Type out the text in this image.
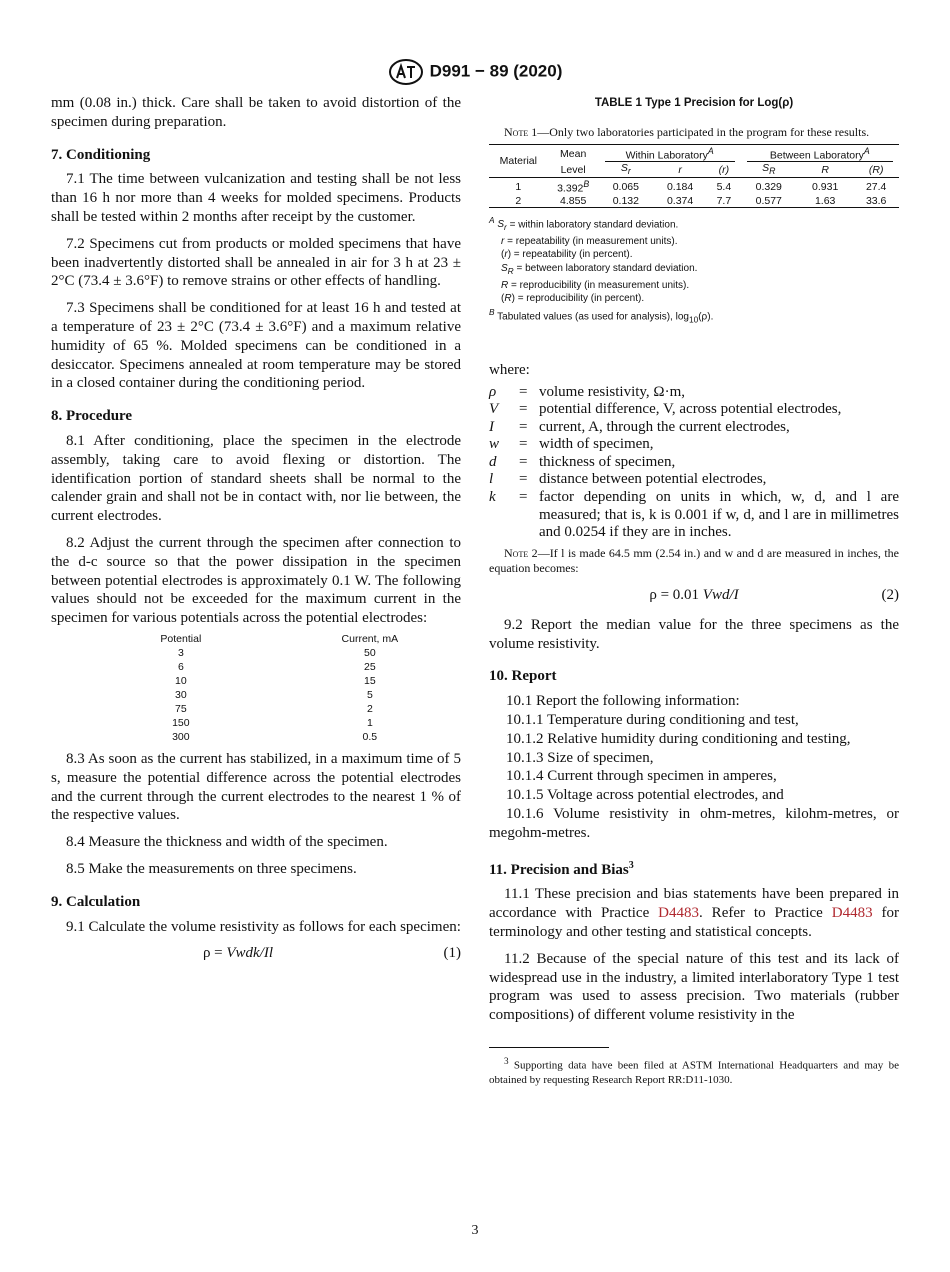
D991 − 89 (2020)

mm (0.08 in.) thick. Care shall be taken to avoid distortion of the specimen during preparation.

7. Conditioning

7.1 The time between vulcanization and testing shall be not less than 16 h nor more than 4 weeks for molded specimens. Products shall be tested within 2 months after receipt by the customer.

7.2 Specimens cut from products or molded specimens that have been inadvertently distorted shall be annealed in air for 3 h at 23 ± 2°C (73.4 ± 3.6°F) to remove strains or other effects of handling.

7.3 Specimens shall be conditioned for at least 16 h and tested at a temperature of 23 ± 2°C (73.4 ± 3.6°F) and a maximum relative humidity of 65 %. Molded specimens can be conditioned in a desiccator. Specimens annealed at room temperature may be stored in a closed container during the conditioning period.

8. Procedure

8.1 After conditioning, place the specimen in the electrode assembly, taking care to avoid flexing or distortion. The identification portion of standard sheets shall be normal to the calender grain and shall not be in contact with, nor lie between, the current electrodes.

8.2 Adjust the current through the specimen after connection to the d-c source so that the power dissipation in the specimen between potential electrodes is approximately 0.1 W. The following values should not be exceeded for the maximum current in the specimen for various potentials across the potential electrodes:

Potential	Current, mA
3	50
6	25
10	15
30	5
75	2
150	1
300	0.5

8.3 As soon as the current has stabilized, in a maximum time of 5 s, measure the potential difference across the potential electrodes and the current through the current electrodes to the nearest 1 % of the respective values.

8.4 Measure the thickness and width of the specimen.

8.5 Make the measurements on three specimens.

9. Calculation

9.1 Calculate the volume resistivity as follows for each specimen:

ρ = Vwdk/Il	(1)
TABLE 1 Type 1 Precision for Log(ρ)
Note 1—Only two laboratories participated in the program for these results.
Material	Mean	Within Laboratory$^A$			Between Laboratory$^A$

	Level	$S_r$	r	(r)	$S_R$	R	(R)
1	$3.392^B$	0.065	0.184	5.4	0.329	0.931	27.4
2	4.855	0.132	0.374	7.7	0.577	1.63	33.6
$^A$ $S_r$ = within laboratory standard deviation.
r = repeatability (in measurement units).
(r) = repeatability (in percent).
$S_R$ = between laboratory standard deviation.
R = reproducibility (in measurement units).
(R) = reproducibility (in percent).
$^B$ Tabulated values (as used for analysis), $\log_{10}(\rho)$.

where:

ρ	= volume resistivity, Ω·m,
V	= potential difference, V, across potential electrodes,
I	= current, A, through the current electrodes,
w	= width of specimen,
d	= thickness of specimen,
l	= distance between potential electrodes,
k	= factor depending on units in which, w, d, and l are measured; that is, k is 0.001 if w, d, and l are in millimetres and 0.0254 if they are in inches.
Note 2—If l is made 64.5 mm (2.54 in.) and w and d are measured in inches, the equation becomes:
ρ = 0.01 Vwd/I	(2)

9.2 Report the median value for the three specimens as the volume resistivity.

10. Report

10.1 Report the following information:

10.1.1 Temperature during conditioning and test,

10.1.2 Relative humidity during conditioning and testing,

10.1.3 Size of specimen,

10.1.4 Current through specimen in amperes,

10.1.5 Voltage across potential electrodes, and

10.1.6 Volume resistivity in ohm-metres, kilohm-metres, or megohm-metres.

11. Precision and Bias$^3$

11.1 These precision and bias statements have been prepared in accordance with Practice D4483. Refer to Practice D4483 for terminology and other testing and statistical concepts.

11.2 Because of the special nature of this test and its lack of widespread use in the industry, a limited interlaboratory Type 1 test program was used to assess precision. Two materials (rubber compositions) of different volume resistivity in the

$^3$ Supporting data have been filed at ASTM International Headquarters and may be obtained by requesting Research Report RR:D11-1030.
3
